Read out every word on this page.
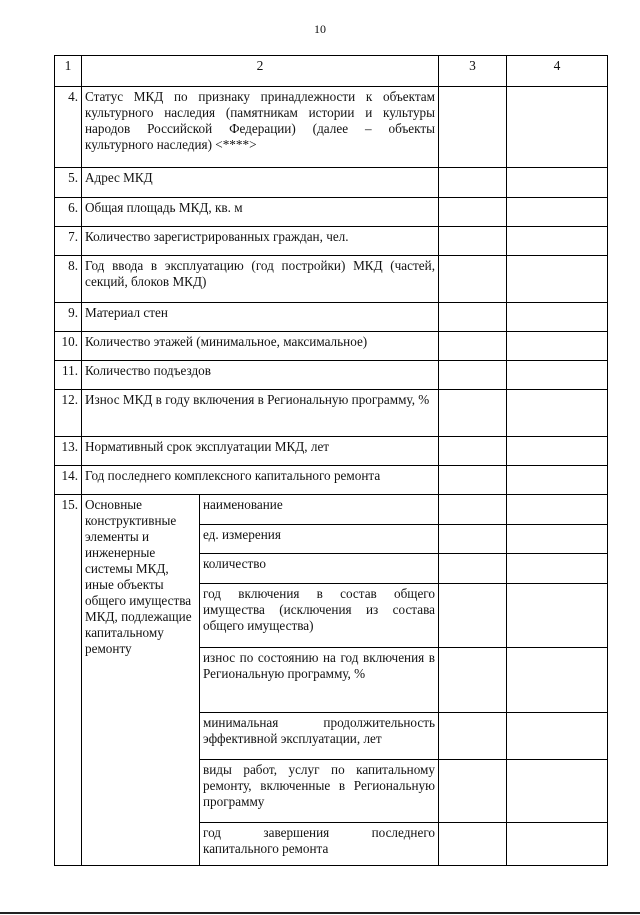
10
1	2		3	4
4.	Статус МКД по признаку принадлежности к объектам культурного наследия (памятникам истории и культуры народов Российской Федерации) (далее – объекты культурного наследия) <****>			
5.	Адрес МКД			
6.	Общая площадь МКД, кв. м			
7.	Количество зарегистрированных граждан, чел.			
8.	Год ввода в эксплуатацию (год постройки) МКД (частей, секций, блоков МКД)			
9.	Материал стен			
10.	Количество этажей (минимальное, максимальное)			
11.	Количество подъездов			
12.	Износ МКД в году включения в Региональную программу, %			
13.	Нормативный срок эксплуатации МКД, лет			
14.	Год последнего комплексного капитального ремонта			
15.	Основные конструктивные элементы и инженерные системы МКД, иные объекты общего имущества МКД, подлежащие капитальному ремонту	наименование		
		ед. измерения		
		количество		
		год включения в состав общего имущества (исключения из состава общего имущества)		
		износ по состоянию на год включения в Региональную программу, %		
		минимальная продолжительность эффективной эксплуатации, лет		
		виды работ, услуг по капитальному ремонту, включенные в Региональную программу		
		год завершения последнего капитального ремонта		
